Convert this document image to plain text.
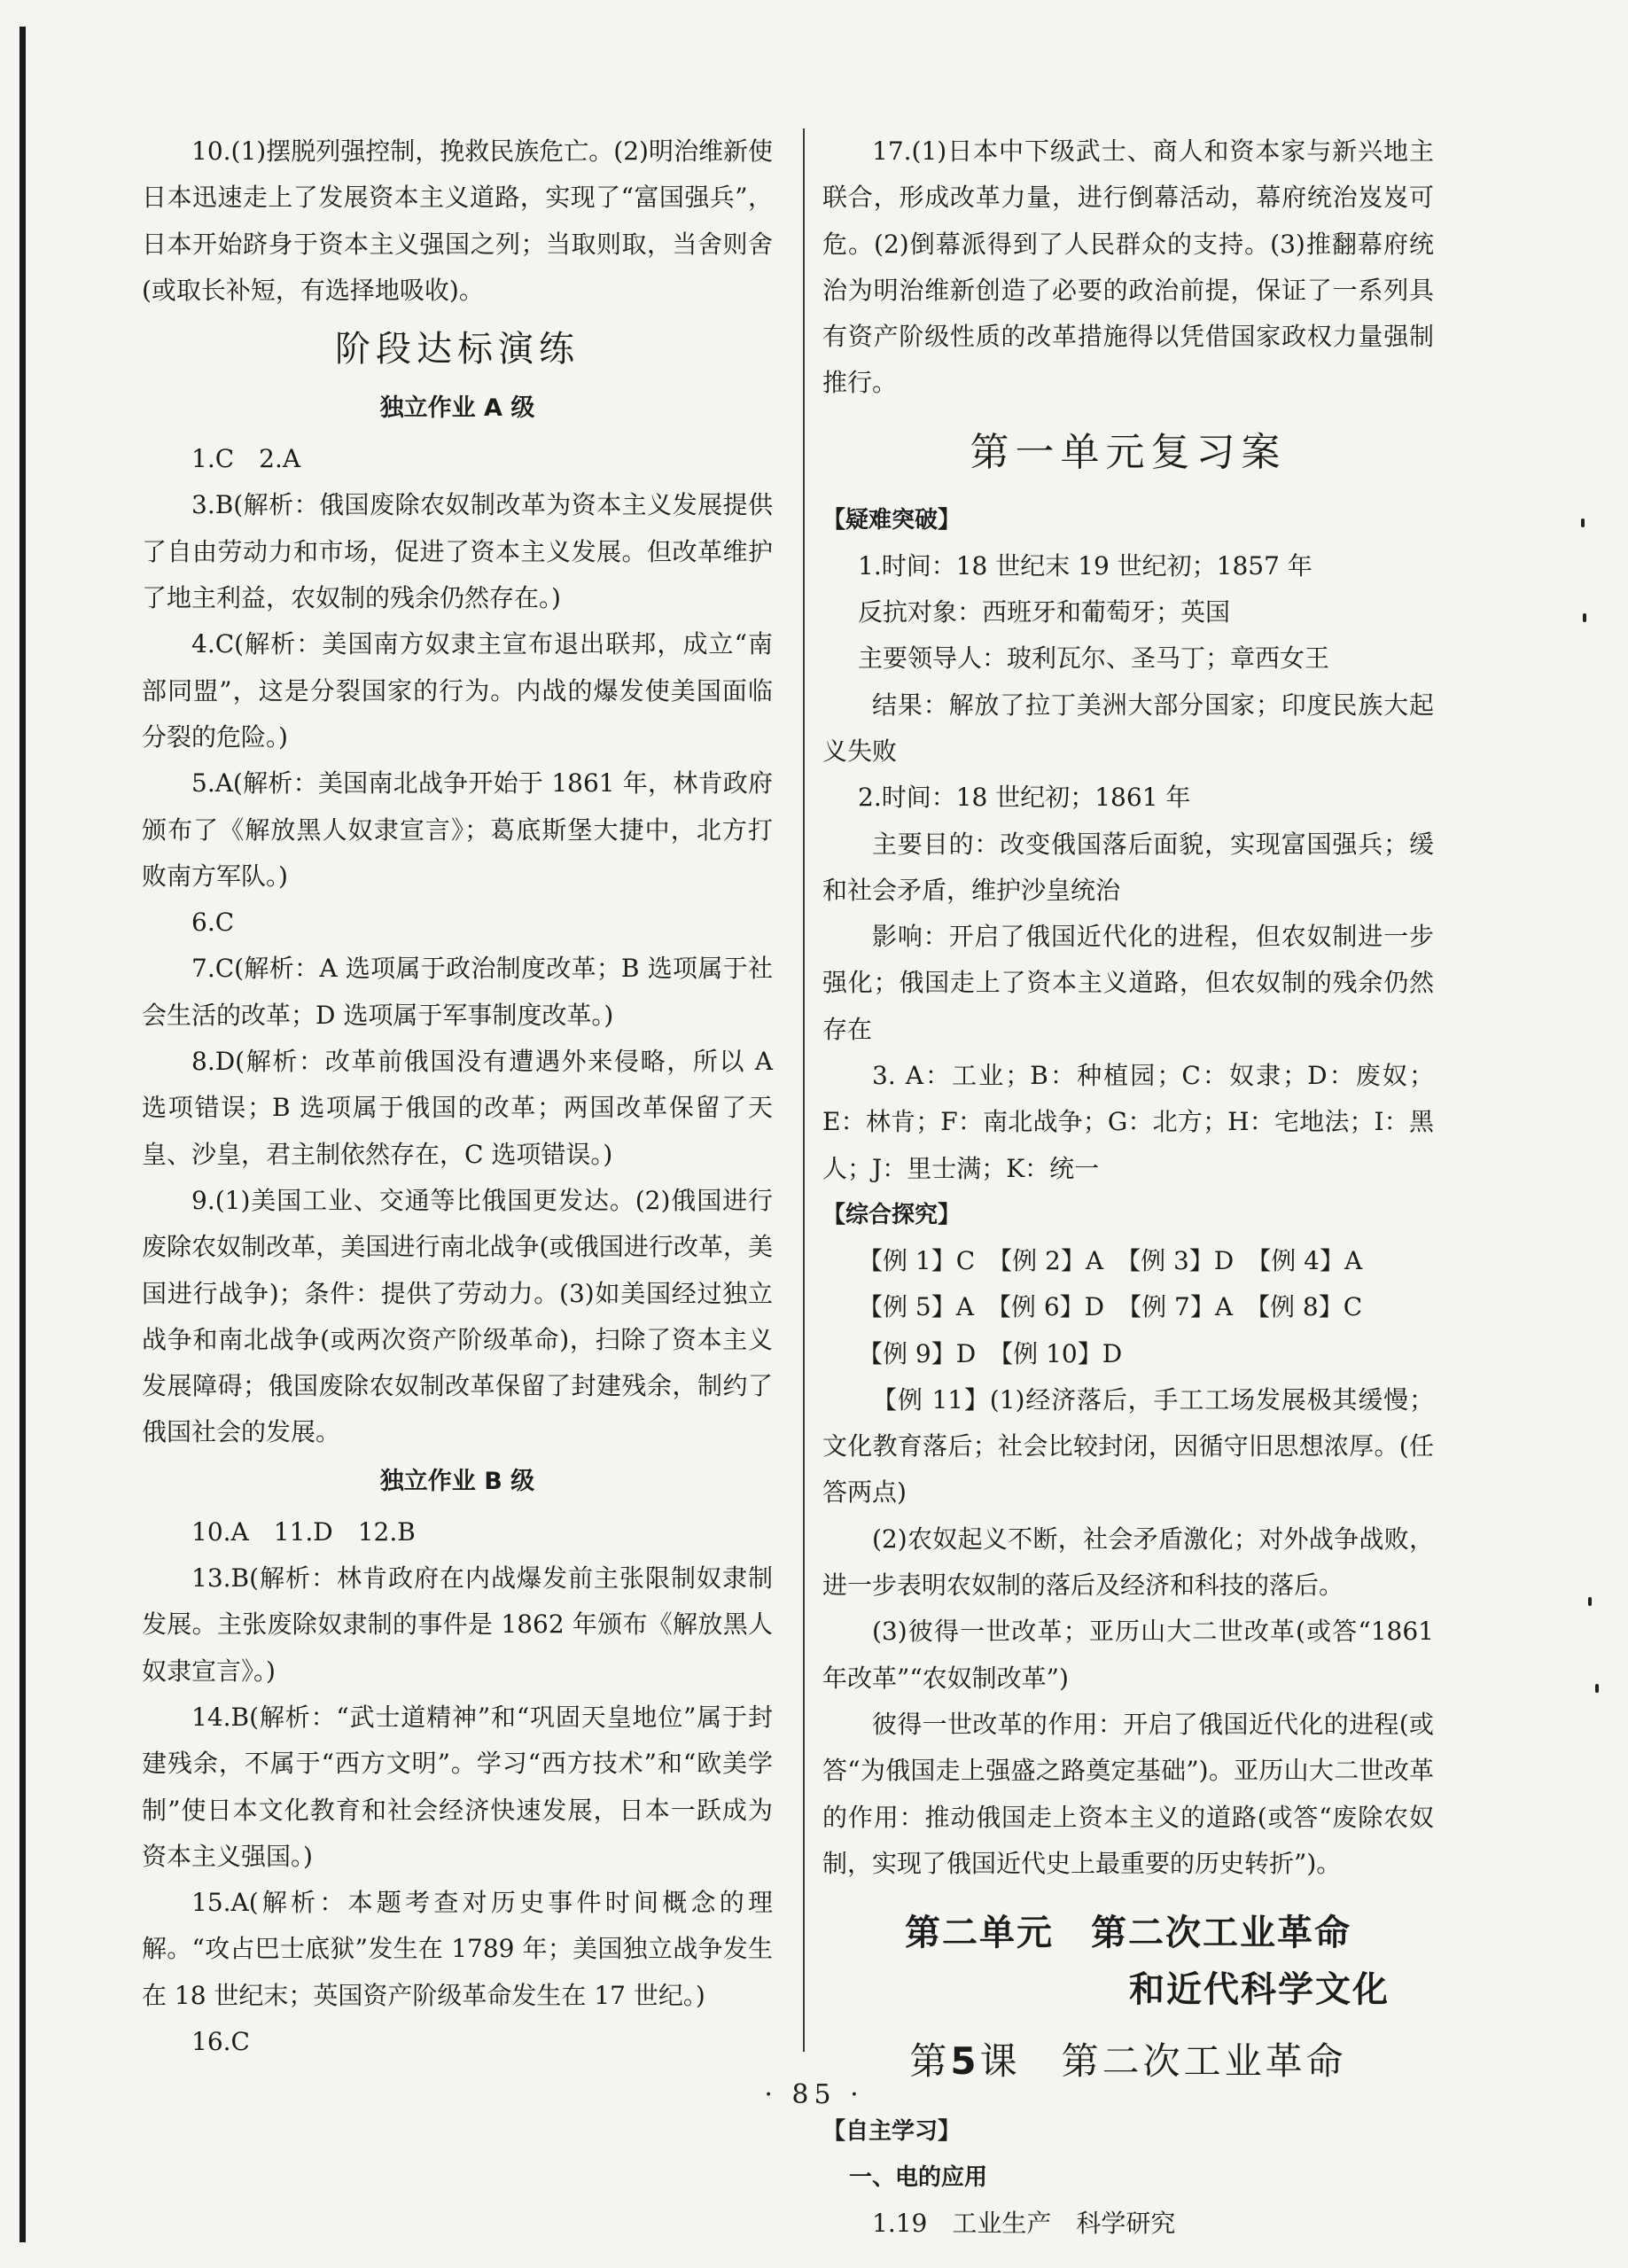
10.(1)摆脱列强控制，挽救民族危亡。(2)明治维新使日本迅速走上了发展资本主义道路，实现了“富国强兵”，日本开始跻身于资本主义强国之列；当取则取，当舍则舍(或取长补短，有选择地吸收)。

阶段达标演练
独立作业 A 级

1.C　2.A

3.B(解析：俄国废除农奴制改革为资本主义发展提供了自由劳动力和市场，促进了资本主义发展。但改革维护了地主利益，农奴制的残余仍然存在。)

4.C(解析：美国南方奴隶主宣布退出联邦，成立“南部同盟”，这是分裂国家的行为。内战的爆发使美国面临分裂的危险。)

5.A(解析：美国南北战争开始于 1861 年，林肯政府颁布了《解放黑人奴隶宣言》；葛底斯堡大捷中，北方打败南方军队。)

6.C

7.C(解析：A 选项属于政治制度改革；B 选项属于社会生活的改革；D 选项属于军事制度改革。)

8.D(解析：改革前俄国没有遭遇外来侵略，所以 A 选项错误；B 选项属于俄国的改革；两国改革保留了天皇、沙皇，君主制依然存在，C 选项错误。)

9.(1)美国工业、交通等比俄国更发达。(2)俄国进行废除农奴制改革，美国进行南北战争(或俄国进行改革，美国进行战争)；条件：提供了劳动力。(3)如美国经过独立战争和南北战争(或两次资产阶级革命)，扫除了资本主义发展障碍；俄国废除农奴制改革保留了封建残余，制约了俄国社会的发展。

独立作业 B 级

10.A　11.D　12.B

13.B(解析：林肯政府在内战爆发前主张限制奴隶制发展。主张废除奴隶制的事件是 1862 年颁布《解放黑人奴隶宣言》。)

14.B(解析：“武士道精神”和“巩固天皇地位”属于封建残余，不属于“西方文明”。学习“西方技术”和“欧美学制”使日本文化教育和社会经济快速发展，日本一跃成为资本主义强国。)

15.A(解析：本题考查对历史事件时间概念的理解。“攻占巴士底狱”发生在 1789 年；美国独立战争发生在 18 世纪末；英国资产阶级革命发生在 17 世纪。)

16.C

17.(1)日本中下级武士、商人和资本家与新兴地主联合，形成改革力量，进行倒幕活动，幕府统治岌岌可危。(2)倒幕派得到了人民群众的支持。(3)推翻幕府统治为明治维新创造了必要的政治前提，保证了一系列具有资产阶级性质的改革措施得以凭借国家政权力量强制推行。

第一单元复习案
【疑难突破】

1.时间：18 世纪末 19 世纪初；1857 年

反抗对象：西班牙和葡萄牙；英国

主要领导人：玻利瓦尔、圣马丁；章西女王

结果：解放了拉丁美洲大部分国家；印度民族大起义失败

2.时间：18 世纪初；1861 年

主要目的：改变俄国落后面貌，实现富国强兵；缓和社会矛盾，维护沙皇统治

影响：开启了俄国近代化的进程，但农奴制进一步强化；俄国走上了资本主义道路，但农奴制的残余仍然存在

3. A：工业；B：种植园；C：奴隶；D：废奴；E：林肯；F：南北战争；G：北方；H：宅地法；I：黑人；J：里士满；K：统一

【综合探究】

【例 1】C　【例 2】A　【例 3】D　【例 4】A

【例 5】A　【例 6】D　【例 7】A　【例 8】C

【例 9】D　【例 10】D

【例 11】(1)经济落后，手工工场发展极其缓慢；文化教育落后；社会比较封闭，因循守旧思想浓厚。(任答两点)

(2)农奴起义不断，社会矛盾激化；对外战争战败，进一步表明农奴制的落后及经济和科技的落后。

(3)彼得一世改革；亚历山大二世改革(或答“1861 年改革”“农奴制改革”)

彼得一世改革的作用：开启了俄国近代化的进程(或答“为俄国走上强盛之路奠定基础”)。亚历山大二世改革的作用：推动俄国走上资本主义的道路(或答“废除农奴制，实现了俄国近代史上最重要的历史转折”)。

第二单元　第二次工业革命
和近代科学文化
第5课　第二次工业革命
【自主学习】
一、电的应用

1.19　工业生产　科学研究

· 85 ·
